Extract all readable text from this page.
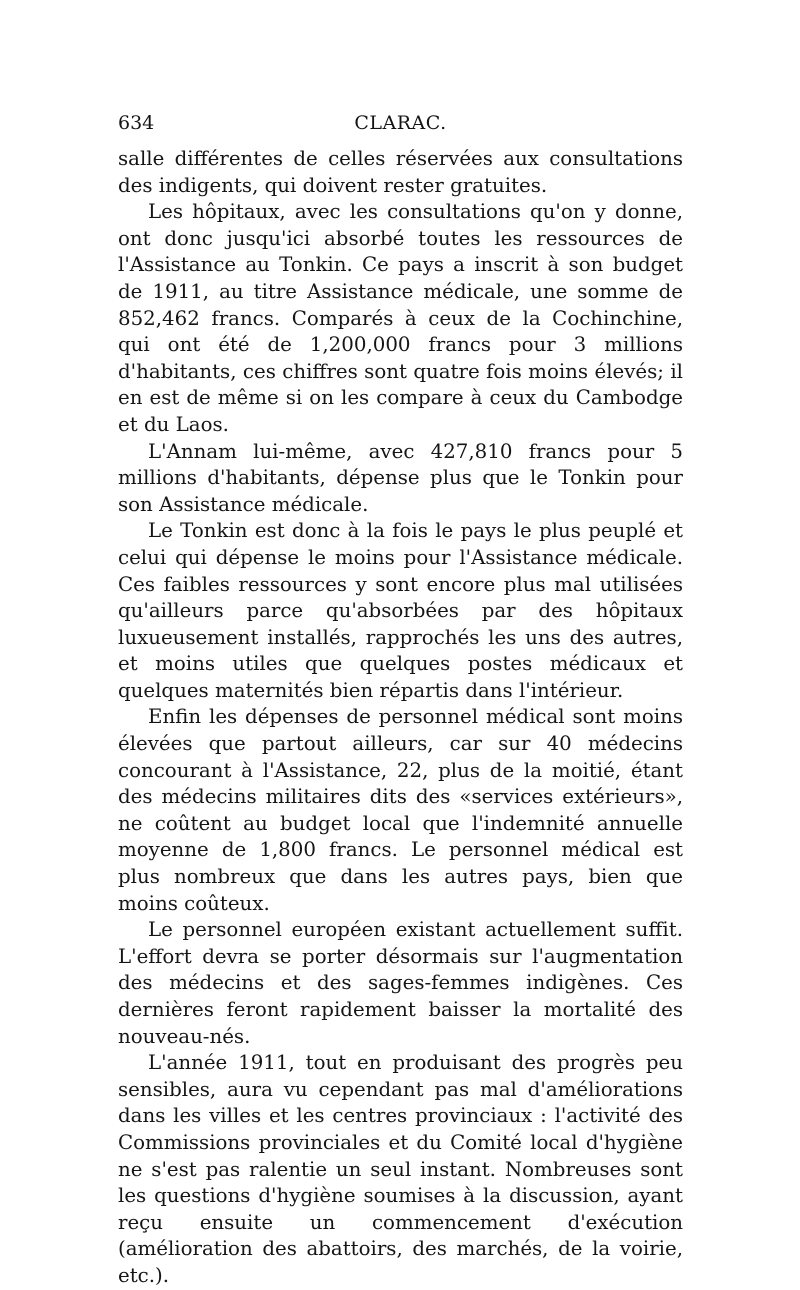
634	CLARAC.

salle différentes de celles réservées aux consultations des indigents, qui doivent rester gratuites.

Les hôpitaux, avec les consultations qu'on y donne, ont donc jusqu'ici absorbé toutes les ressources de l'Assistance au Tonkin. Ce pays a inscrit à son budget de 1911, au titre Assistance médicale, une somme de 852,462 francs. Comparés à ceux de la Cochinchine, qui ont été de 1,200,000 francs pour 3 millions d'habitants, ces chiffres sont quatre fois moins élevés; il en est de même si on les compare à ceux du Cambodge et du Laos.

L'Annam lui-même, avec 427,810 francs pour 5 millions d'habitants, dépense plus que le Tonkin pour son Assistance médicale.

Le Tonkin est donc à la fois le pays le plus peuplé et celui qui dépense le moins pour l'Assistance médicale. Ces faibles ressources y sont encore plus mal utilisées qu'ailleurs parce qu'absorbées par des hôpitaux luxueusement installés, rapprochés les uns des autres, et moins utiles que quelques postes médicaux et quelques maternités bien répartis dans l'intérieur.

Enfin les dépenses de personnel médical sont moins élevées que partout ailleurs, car sur 40 médecins concourant à l'Assistance, 22, plus de la moitié, étant des médecins militaires dits des «services extérieurs», ne coûtent au budget local que l'indemnité annuelle moyenne de 1,800 francs. Le personnel médical est plus nombreux que dans les autres pays, bien que moins coûteux.

Le personnel européen existant actuellement suffit. L'effort devra se porter désormais sur l'augmentation des médecins et des sages-femmes indigènes. Ces dernières feront rapidement baisser la mortalité des nouveau-nés.

L'année 1911, tout en produisant des progrès peu sensibles, aura vu cependant pas mal d'améliorations dans les villes et les centres provinciaux : l'activité des Commissions provinciales et du Comité local d'hygiène ne s'est pas ralentie un seul instant. Nombreuses sont les questions d'hygiène soumises à la discussion, ayant reçu ensuite un commencement d'exécution (amélioration des abattoirs, des marchés, de la voirie, etc.).
